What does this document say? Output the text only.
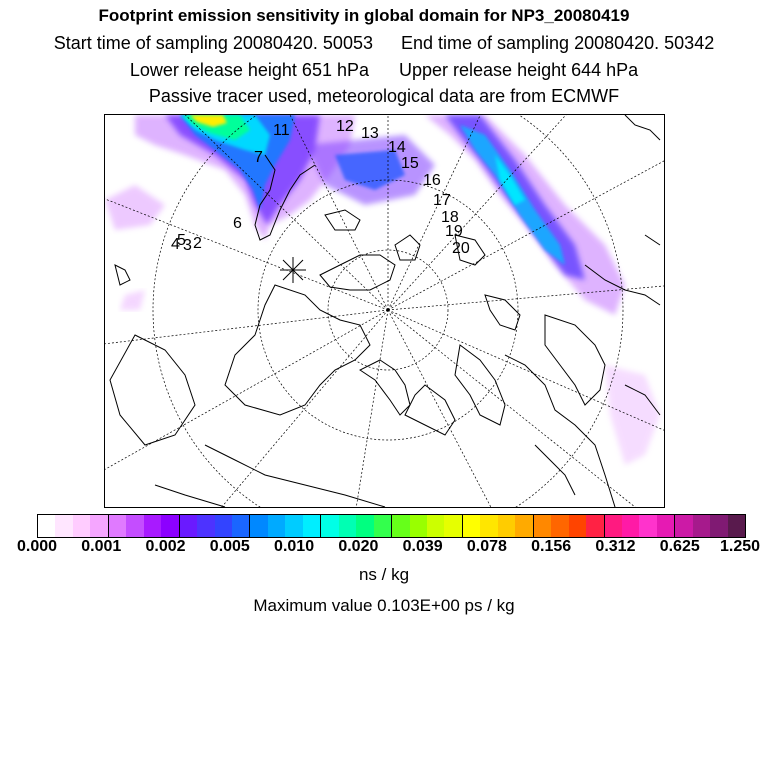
Footprint emission sensitivity in global domain for NP3_20080419
Start time of sampling 20080420. 50053 End time of sampling 20080420. 50342
Lower release height 651 hPa Upper release height 644 hPa
Passive tracer used, meteorological data are from ECMWF
2
3
4
5
6
7
11	12 13
14
15
16
17
18
19
20
0.000 0.001 0.002 0.005 0.010 0.020 0.039 0.078 0.156 0.312 0.625 1.250
ns / kg
Maximum value 0.103E+00 ps / kg
